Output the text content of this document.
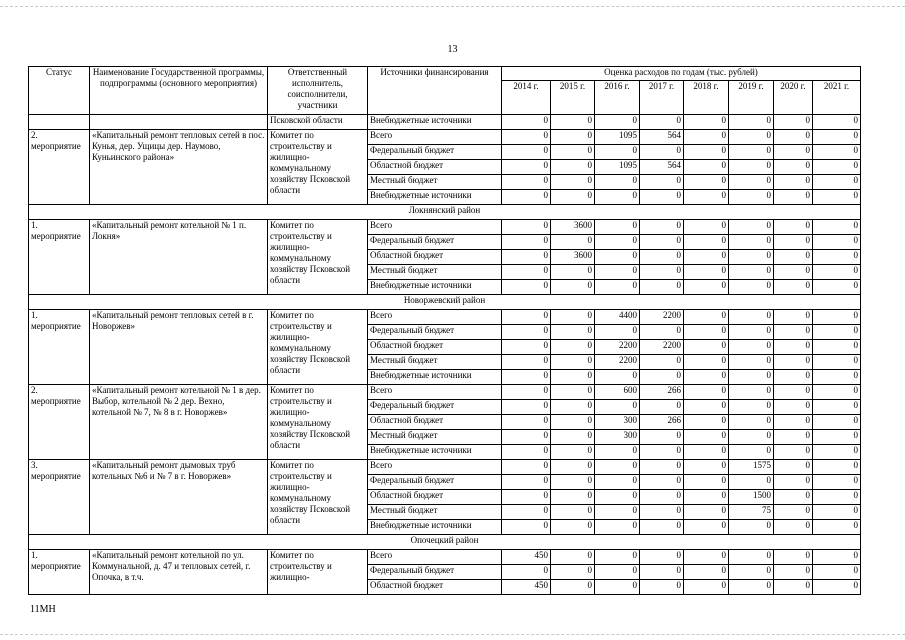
13
Статус	Наименование Государственной программы, подпрограммы (основного мероприятия)	Ответственный исполнитель, соисполнители, участники	Источники финансирования	Оценка расходов по годам (тыс. рублей)							
				2014 г.	2015 г.	2016 г.	2017 г.	2018 г.	2019 г.	2020 г.	2021 г.
		Псковской области	Внебюджетные источники	0	0	0	0	0	0	0	0
2. мероприятие	«Капитальный ремонт тепловых сетей в пос. Кунья, дер. Ущицы дер. Наумово, Куньинского района»	Комитет по строительству и жилищно-коммунальному хозяйству Псковской области	Всего	0	0	1095	564	0	0	0	0
			Федеральный бюджет	0	0	0	0	0	0	0	0
			Областной бюджет	0	0	1095	564	0	0	0	0
			Местный бюджет	0	0	0	0	0	0	0	0
			Внебюджетные источники	0	0	0	0	0	0	0	0
Локнянский район											
1. мероприятие	«Капитальный ремонт котельной № 1 п. Локня»	Комитет по строительству и жилищно-коммунальному хозяйству Псковской области	Всего	0	3600	0	0	0	0	0	0
			Федеральный бюджет	0	0	0	0	0	0	0	0
			Областной бюджет	0	3600	0	0	0	0	0	0
			Местный бюджет	0	0	0	0	0	0	0	0
			Внебюджетные источники	0	0	0	0	0	0	0	0
Новоржевский район											
1. мероприятие	«Капитальный ремонт тепловых сетей в г. Новоржев»	Комитет по строительству и жилищно-коммунальному хозяйству Псковской области	Всего	0	0	4400	2200	0	0	0	0
			Федеральный бюджет	0	0	0	0	0	0	0	0
			Областной бюджет	0	0	2200	2200	0	0	0	0
			Местный бюджет	0	0	2200	0	0	0	0	0
			Внебюджетные источники	0	0	0	0	0	0	0	0
2. мероприятие	«Капитальный ремонт котельной № 1 в дер. Выбор, котельной № 2 дер. Вехно, котельной № 7, № 8 в г. Новоржев»	Комитет по строительству и жилищно-коммунальному хозяйству Псковской области	Всего	0	0	600	266	0	0	0	0
			Федеральный бюджет	0	0	0	0	0	0	0	0
			Областной бюджет	0	0	300	266	0	0	0	0
			Местный бюджет	0	0	300	0	0	0	0	0
			Внебюджетные источники	0	0	0	0	0	0	0	0
3. мероприятие	«Капитальный ремонт дымовых труб котельных №6 и № 7 в г. Новоржев»	Комитет по строительству и жилищно-коммунальному хозяйству Псковской области	Всего	0	0	0	0	0	1575	0	0
			Федеральный бюджет	0	0	0	0	0	0	0	0
			Областной бюджет	0	0	0	0	0	1500	0	0
			Местный бюджет	0	0	0	0	0	75	0	0
			Внебюджетные источники	0	0	0	0	0	0	0	0
Опочецкий район											
1. мероприятие	«Капитальный ремонт котельной по ул. Коммунальной, д. 47 и тепловых сетей, г. Опочка, в т.ч.	Комитет по строительству и жилищно-	Всего	450	0	0	0	0	0	0	0
			Федеральный бюджет	0	0	0	0	0	0	0	0
			Областной бюджет	450	0	0	0	0	0	0	0
11МН
